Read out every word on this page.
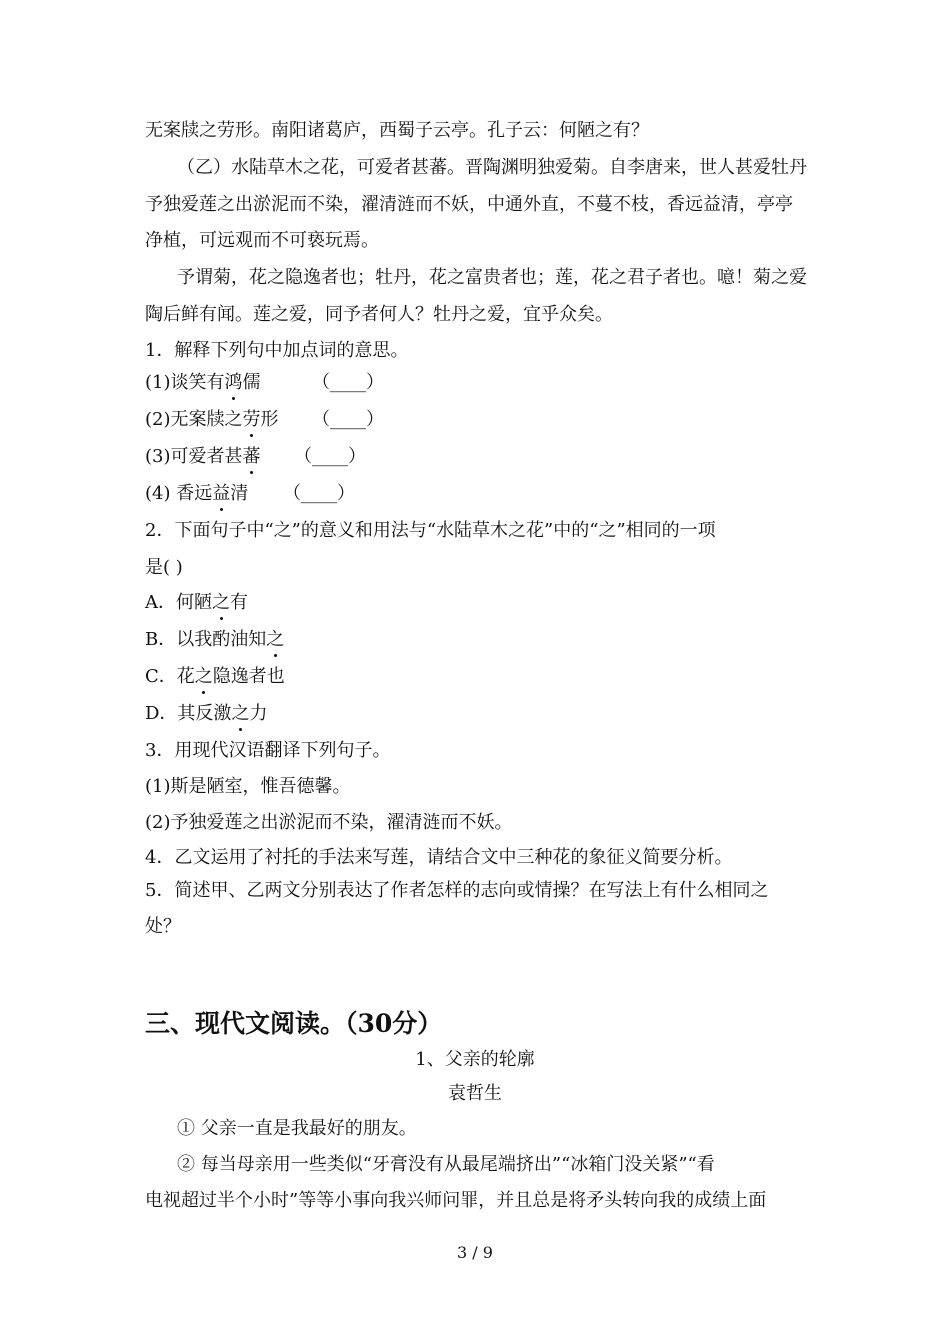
无案牍之劳形。南阳诸葛庐，西蜀子云亭。孔子云：何陋之有？
（乙）水陆草木之花，可爱者甚蕃。晋陶渊明独爱菊。自李唐来，世人甚爱牡丹
予独爱莲之出淤泥而不染，濯清涟而不妖，中通外直，不蔓不枝，香远益清，亭亭
净植，可远观而不可亵玩焉。
予谓菊，花之隐逸者也；牡丹，花之富贵者也；莲，花之君子者也。噫！菊之爱
陶后鲜有闻。莲之爱，同予者何人？牡丹之爱，宜乎众矣。
1．解释下列句中加点词的意思。
(1)谈笑有鸿儒	（____）
(2)无案牍之劳形 （____）
(3)可爱者甚蕃 （____）
(4) 香远益清 （____）
2．下面句子中“之”的意义和用法与“水陆草木之花”中的“之”相同的一项
是( )
A．何陋之有
B．以我酌油知之
C．花之隐逸者也
D．其反激之力
3．用现代汉语翻译下列句子。
(1)斯是陋室，惟吾德馨。
(2)予独爱莲之出淤泥而不染，濯清涟而不妖。
4．乙文运用了衬托的手法来写莲，请结合文中三种花的象征义简要分析。
5．简述甲、乙两文分别表达了作者怎样的志向或情操？在写法上有什么相同之
处？
三、现代文阅读。（30分）
1、父亲的轮廓
袁哲生
① 父亲一直是我最好的朋友。
② 每当母亲用一些类似“牙膏没有从最尾端挤出”“冰箱门没关紧”“看
电视超过半个小时”等等小事向我兴师问罪，并且总是将矛头转向我的成绩上面
3 / 9
